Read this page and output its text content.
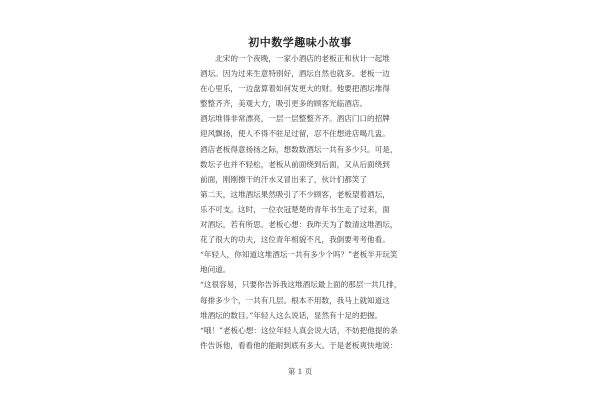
初中数学趣味小故事
　　北宋的一个夜晚，一家小酒店的老板正和伙计一起堆
酒坛。因为过来生意特别好，酒坛自然也就多。老板一边
在心里乐，一边盘算着如何发更大的财。他要把酒坛堆得
整整齐齐，美观大方，吸引更多的顾客光临酒店。
酒坛堆得非常漂亮，一层一层整整齐齐。酒店门口的招牌
迎风飘扬，使人不得不驻足过留，忍不住想进店喝几盅。
酒店老板得意扬扬之际，想数数酒坛一共有多少只。可是，
数坛子也并不轻松，老板从前面绕到后面，又从后面绕到
前面，刚刚擦干的汗水又冒出来了，伙计们都笑了
第二天，这堆酒坛果然吸引了不少顾客，老板望着酒坛，
乐不可支。这时，一位衣冠楚楚的青年书生走了过来，面
对酒坛，若有所思。老板心想：我昨天为了数清这堆酒坛，
花了很大的功夫，这位青年相貌不凡，我倒要考考他看。
“年轻人，你知道这堆酒坛一共有多少个吗？”老板半开玩笑
地问道。
“这很容易，只要你告诉我这堆酒坛最上面的那层一共几排，
每排多少个，一共有几层。根本不用数，我马上就知道这
堆酒坛的数目。”年轻人这么说话，显然有十足的把握。
“哦！”老板心想：这位年轻人真会说大话，不妨把他提的条
件告诉他，看看他的能耐到底有多大。于是老板爽快地说：
第 1 页
